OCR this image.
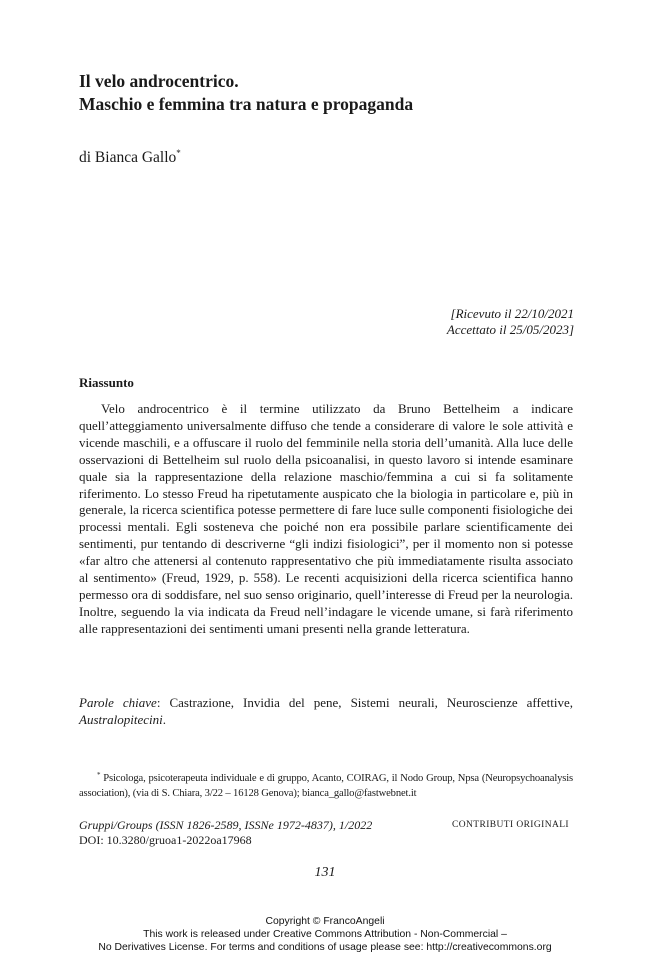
Il velo androcentrico.
Maschio e femmina tra natura e propaganda
di Bianca Gallo*
[Ricevuto il 22/10/2021
Accettato il 25/05/2023]
Riassunto

Velo androcentrico è il termine utilizzato da Bruno Bettelheim a indicare quell’atteggiamento universalmente diffuso che tende a considerare di valore le sole attività e vicende maschili, e a offuscare il ruolo del femminile nella storia dell’umanità. Alla luce delle osservazioni di Bettelheim sul ruolo della psicoanalisi, in questo lavoro si intende esaminare quale sia la rappresentazione della relazione maschio/femmina a cui si fa solitamente riferimento. Lo stesso Freud ha ripetutamente auspicato che la biologia in particolare e, più in generale, la ricerca scientifica potesse permettere di fare luce sulle componenti fisiologiche dei processi mentali. Egli sosteneva che poiché non era possibile parlare scientificamente dei sentimenti, pur tentando di descriverne “gli indizi fisiologici”, per il momento non si potesse «far altro che attenersi al contenuto rappresentativo che più immediatamente risulta associato al sentimento» (Freud, 1929, p. 558). Le recenti acquisizioni della ricerca scientifica hanno permesso ora di soddisfare, nel suo senso originario, quell’interesse di Freud per la neurologia. Inoltre, seguendo la via indicata da Freud nell’indagare le vicende umane, si farà riferimento alle rappresentazioni dei sentimenti umani presenti nella grande letteratura.

Parole chiave: Castrazione, Invidia del pene, Sistemi neurali, Neuroscienze affettive, Australopitecini.

* Psicologa, psicoterapeuta individuale e di gruppo, Acanto, COIRAG, il Nodo Group, Npsa (Neuropsychoanalysis association), (via di S. Chiara, 3/22 – 16128 Genova); bianca_gallo@fastwebnet.it

Gruppi/Groups (ISSN 1826-2589, ISSNe 1972-4837), 1/2022
DOI: 10.3280/gruoa1-2022oa17968
CONTRIBUTI ORIGINALI
131
Copyright © FrancoAngeli
This work is released under Creative Commons Attribution - Non-Commercial –
No Derivatives License. For terms and conditions of usage please see: http://creativecommons.org
